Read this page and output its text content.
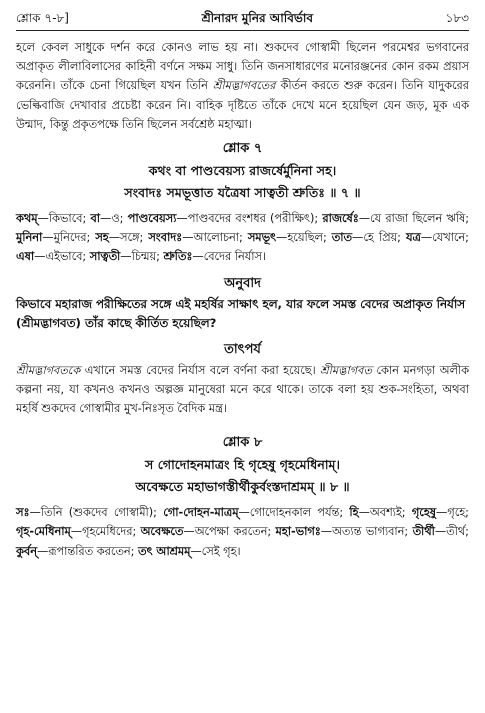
শ্লোক ৭-৮]	শ্রীনারদ মুনির আবির্ভাব	১৮৩

হলে কেবল সাধুকে দর্শন করে কোনও লাভ হয় না। শুকদেব গোস্বামী ছিলেন পরমেশ্বর ভগবানের অপ্রাকৃত লীলাবিলাসের কাহিনী বর্ণনে সক্ষম সাধু। তিনি জনসাধারণের মনোরঞ্জনের কোন রকম প্রয়াস করেননি। তাঁকে চেনা গিয়েছিল যখন তিনি শ্রীমদ্ভাগবতের কীর্তন করতে শুরু করেন। তিনি যাদুকরের ভেল্কিবাজি দেখাবার প্রচেষ্টা করেন নি। বাহিক দৃষ্টিতে তাঁকে দেখে মনে হয়েছিল যেন জড়, মূক এক উন্মাদ, কিন্তু প্রকৃতপক্ষে তিনি ছিলেন সর্বশ্রেষ্ঠ মহাত্মা।

শ্লোক ৭
কথং বা পাণ্ডবেয়স্য রাজর্ষের্মুনিনা সহ।
সংবাদঃ সমভূত্তাত যত্রৈষা সাত্বতী শ্রুতিঃ ॥ ৭ ॥

কথম্—কিভাবে; বা—ও; পাণ্ডবেয়স্য—পাণ্ডবদের বংশধর (পরীক্ষিৎ); রাজর্ষেঃ—যে রাজা ছিলেন ঋষি; মুনিনা—মুনিদের; সহ—সঙ্গে; সংবাদঃ—আলোচনা; সমভূৎ—হয়েছিল; তাত—হে প্রিয়; যত্র—যেখানে; এষা—এইভাবে; সাত্বতী—চিন্ময়; শ্রুতিঃ—বেদের নির্যাস।

অনুবাদ

কিভাবে মহারাজ পরীক্ষিতের সঙ্গে এই মহর্ষির সাক্ষাৎ হল, যার ফলে সমস্ত বেদের অপ্রাকৃত নির্যাস (শ্রীমদ্ভাগবত) তাঁর কাছে কীর্তিত হয়েছিল?

তাৎপর্য

শ্রীমদ্ভাগবতকে এখানে সমস্ত বেদের নির্যাস বলে বর্ণনা করা হয়েছে। শ্রীমদ্ভাগবত কোন মনগড়া অলীক কল্পনা নয়, যা কখনও কখনও অল্পজ্ঞ মানুষেরা মনে করে থাকে। তাকে বলা হয় শুক-সংহিতা, অথবা মহর্ষি শুকদেব গোস্বামীর মুখ-নিঃসৃত বৈদিক মন্ত্র।

শ্লোক ৮
স গোদোহনমাত্রং হি গৃহেষু গৃহমেধিনাম্।
অবেক্ষতে মহাভাগস্তীর্থীকুর্বংস্তদাশ্রমম্ ॥ ৮ ॥

সঃ—তিনি (শুকদেব গোস্বামী); গো-দোহন-মাত্রম্—গোদোহনকাল পর্যন্ত; হি—অবশ্যই; গৃহেষু—গৃহে; গৃহ-মেধিনাম্—গৃহমেধিদের; অবেক্ষতে—অপেক্ষা করতেন; মহা-ভাগঃ—অত্যন্ত ভাগ্যবান; তীর্থী—তীর্থ; কুর্বন্—রূপান্তরিত করতেন; তৎ আশ্রমম্—সেই গৃহ।
